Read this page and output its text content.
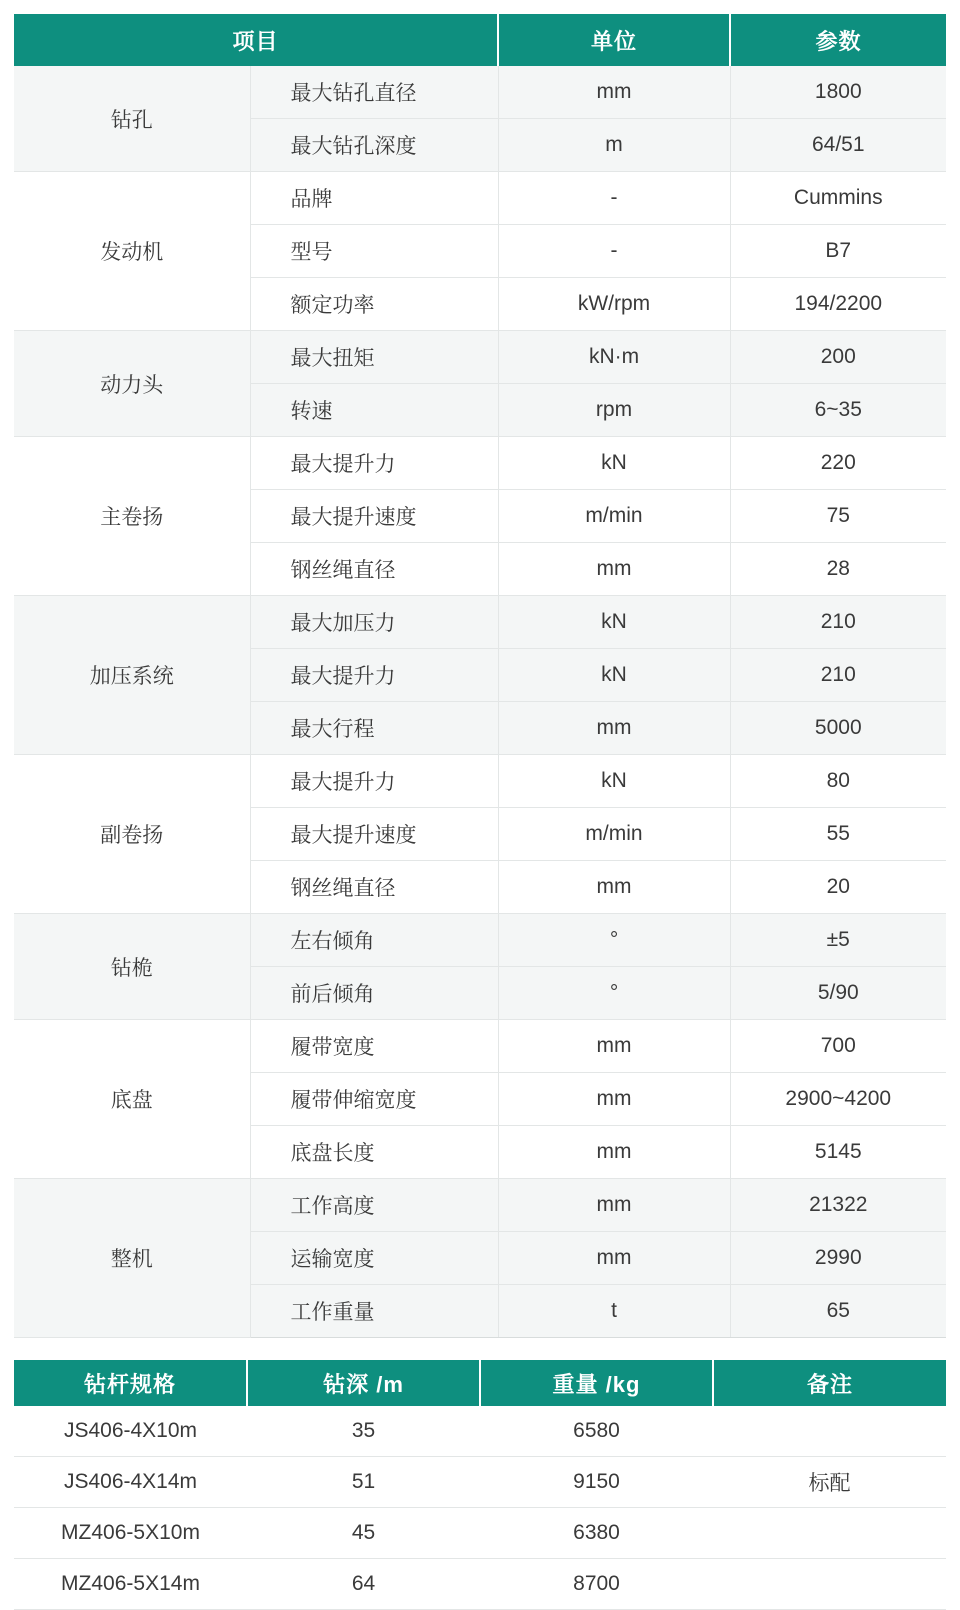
项目		单位	参数
钻孔	最大钻孔直径	mm	1800
	最大钻孔深度	m	64/51
发动机	品牌	-	Cummins
	型号	-	B7
	额定功率	kW/rpm	194/2200
动力头	最大扭矩	kN·m	200
	转速	rpm	6~35
主卷扬	最大提升力	kN	220
	最大提升速度	m/min	75
	钢丝绳直径	mm	28
加压系统	最大加压力	kN	210
	最大提升力	kN	210
	最大行程	mm	5000
副卷扬	最大提升力	kN	80
	最大提升速度	m/min	55
	钢丝绳直径	mm	20
钻桅	左右倾角	°	±5
	前后倾角	°	5/90
底盘	履带宽度	mm	700
	履带伸缩宽度	mm	2900~4200
	底盘长度	mm	5145
整机	工作高度	mm	21322
	运输宽度	mm	2990
	工作重量	t	65
钻杆规格	钻深 /m	重量 /kg	备注
JS406-4X10m	35	6580	
JS406-4X14m	51	9150	标配
MZ406-5X10m	45	6380	
MZ406-5X14m	64	8700	
